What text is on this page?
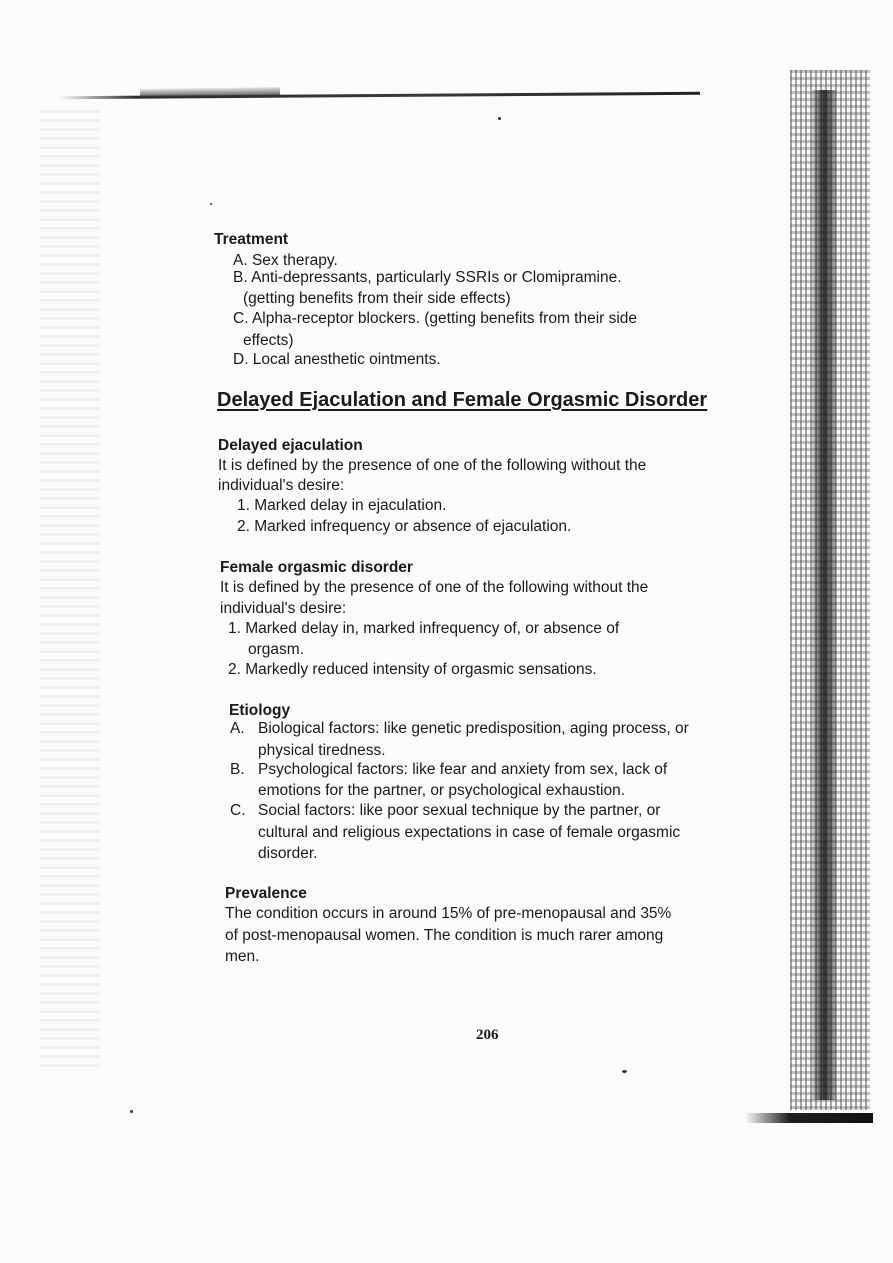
Treatment
A. Sex therapy.
B. Anti-depressants, particularly SSRIs or Clomipramine.
(getting benefits from their side effects)
C. Alpha-receptor blockers. (getting benefits from their side
effects)
D. Local anesthetic ointments.
Delayed Ejaculation and Female Orgasmic Disorder
Delayed ejaculation
It is defined by the presence of one of the following without the
individual's desire:
1. Marked delay in ejaculation.
2. Marked infrequency or absence of ejaculation.
Female orgasmic disorder
It is defined by the presence of one of the following without the
individual's desire:
1. Marked delay in, marked infrequency of, or absence of
orgasm.
2. Markedly reduced intensity of orgasmic sensations.
Etiology
A. Biological factors: like genetic predisposition, aging process, or
physical tiredness.
B. Psychological factors: like fear and anxiety from sex, lack of
emotions for the partner, or psychological exhaustion.
C. Social factors: like poor sexual technique by the partner, or
cultural and religious expectations in case of female orgasmic
disorder.
Prevalence
The condition occurs in around 15% of pre-menopausal and 35%
of post-menopausal women. The condition is much rarer among
men.
206
